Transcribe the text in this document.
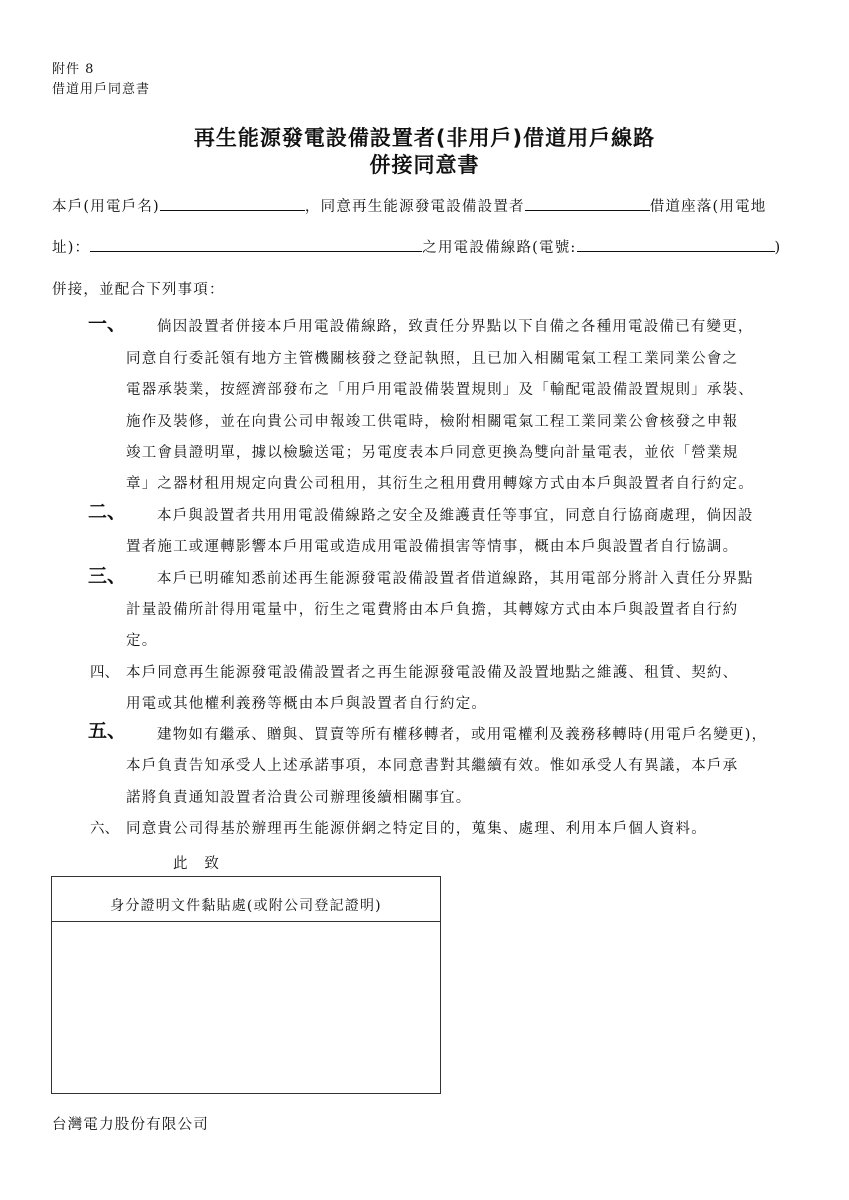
附件 8
借道用戶同意書
再生能源發電設備設置者(非用戶)借道用戶線路
併接同意書
本戶(用電戶名)	，同意再生能源發電設備設置者	借道座落(用電地
址)：	之用電設備線路(電號:	)
併接，並配合下列事項：
一、 倘因設置者併接本戶用電設備線路，致責任分界點以下自備之各種用電設備已有變更，
同意自行委託領有地方主管機關核發之登記執照，且已加入相關電氣工程工業同業公會之
電器承裝業，按經濟部發布之「用戶用電設備裝置規則」及「輸配電設備設置規則」承裝、
施作及裝修，並在向貴公司申報竣工供電時，檢附相關電氣工程工業同業公會核發之申報
竣工會員證明單，據以檢驗送電；另電度表本戶同意更換為雙向計量電表，並依「營業規
章」之器材租用規定向貴公司租用，其衍生之租用費用轉嫁方式由本戶與設置者自行約定。
二、 本戶與設置者共用用電設備線路之安全及維護責任等事宜，同意自行協商處理，倘因設
置者施工或運轉影響本戶用電或造成用電設備損害等情事，概由本戶與設置者自行協調。
三、 本戶已明確知悉前述再生能源發電設備設置者借道線路，其用電部分將計入責任分界點
計量設備所計得用電量中，衍生之電費將由本戶負擔，其轉嫁方式由本戶與設置者自行約
定。
四、 本戶同意再生能源發電設備設置者之再生能源發電設備及設置地點之維護、租賃、契約、
用電或其他權利義務等概由本戶與設置者自行約定。
五、 建物如有繼承、贈與、買賣等所有權移轉者，或用電權利及義務移轉時(用電戶名變更)，
本戶負責告知承受人上述承諾事項，本同意書對其繼續有效。惟如承受人有異議，本戶承
諾將負責通知設置者洽貴公司辦理後續相關事宜。
六、 同意貴公司得基於辦理再生能源併網之特定目的，蒐集、處理、利用本戶個人資料。
此　致
身分證明文件黏貼處(或附公司登記證明)
台灣電力股份有限公司
